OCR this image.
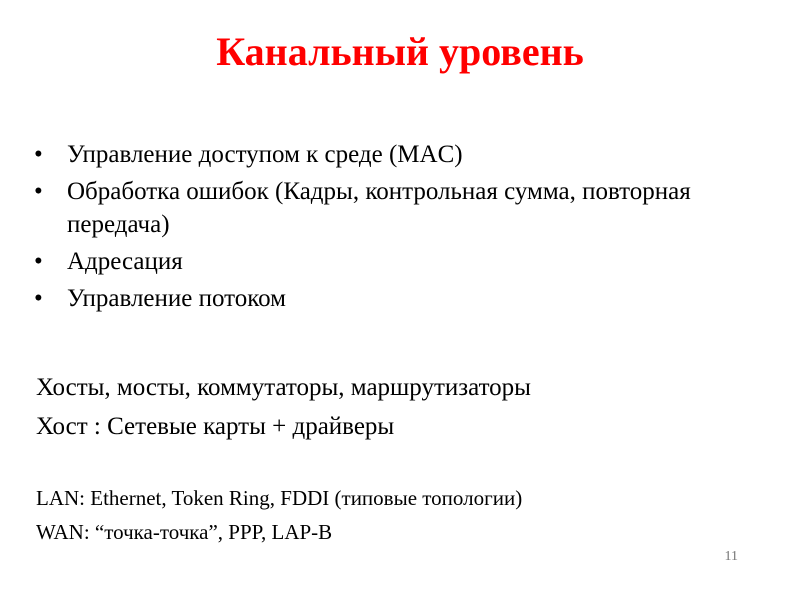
Канальный уровень
• Управление доступом к среде (MAC)
• Обработка ошибок (Кадры, контрольная сумма, повторная передача)
• Адресация
• Управление потоком
Хосты, мосты, коммутаторы, маршрутизаторы
Хост : Сетевые карты + драйверы
LAN: Ethernet, Token Ring, FDDI (типовые топологии)
WAN: “точка-точка”, PPP, LAP-B
11
